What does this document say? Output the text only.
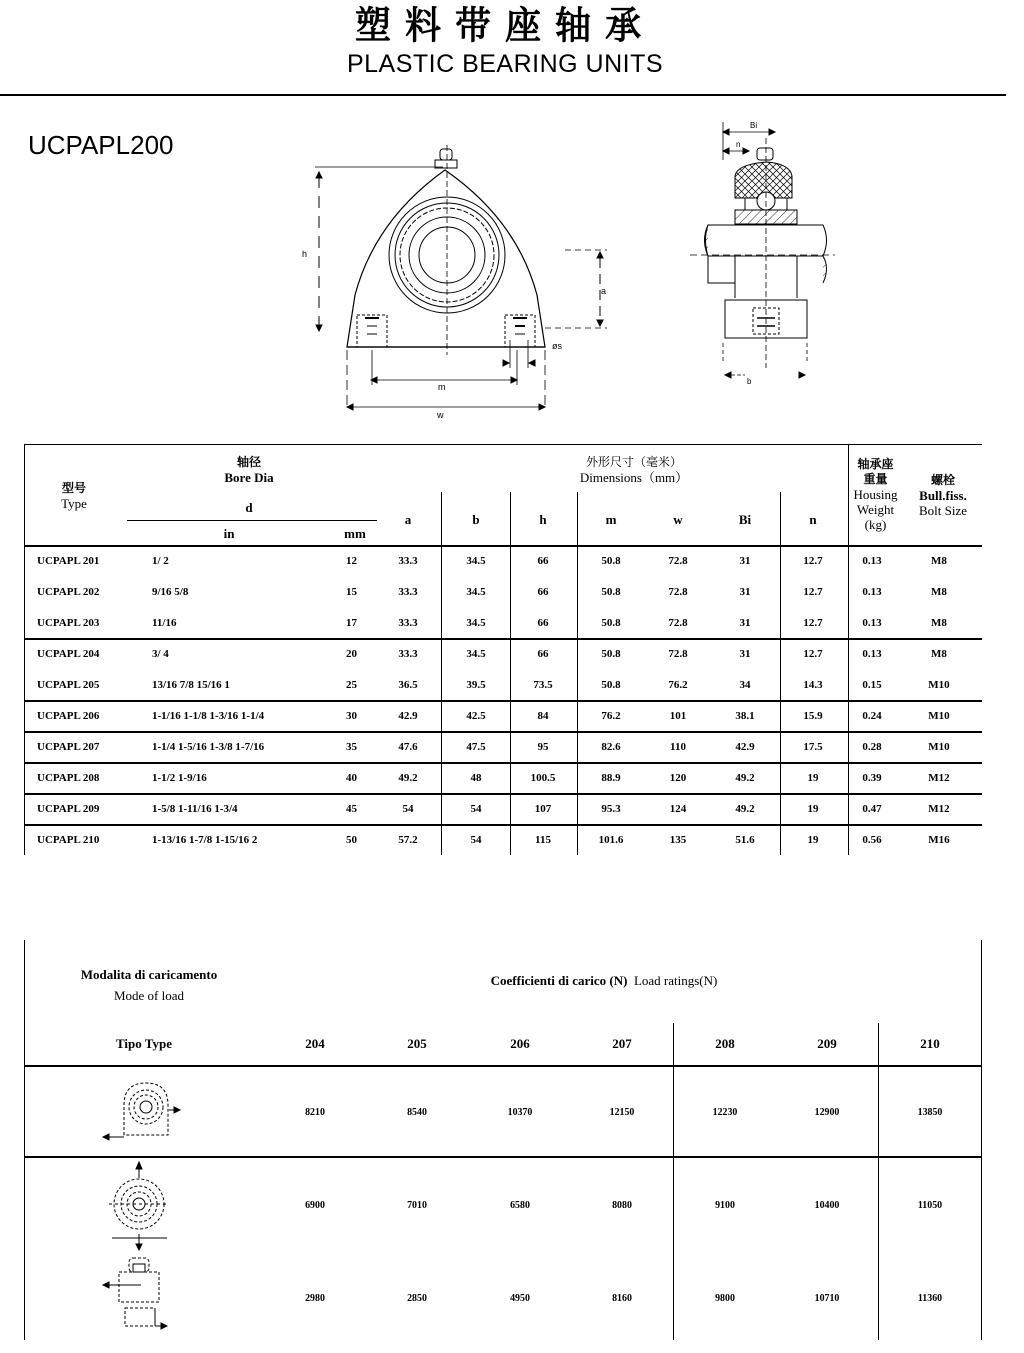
塑料带座轴承
PLASTIC BEARING UNITS
UCPAPL200
h
a
øs
m
w
Bi
n
b
型号
Type
轴径
Bore Dia
d
in	mm
外形尺寸（毫米）
Dimensions（mm）
轴承座
重量
Housing
Weight
(kg)
螺栓
Bull.fiss.
Bolt Size
a	b	h	m	w	Bi	n
UCPAPL 201	1/ 2	12	33.3	34.5	66	50.8	72.8	31	12.7	0.13	M8
UCPAPL 202	9/16 5/8	15	33.3	34.5	66	50.8	72.8	31	12.7	0.13	M8
UCPAPL 203	11/16	17	33.3	34.5	66	50.8	72.8	31	12.7	0.13	M8
UCPAPL 204	3/ 4	20	33.3	34.5	66	50.8	72.8	31	12.7	0.13	M8
UCPAPL 205	13/16 7/8 15/16 1	25	36.5	39.5	73.5	50.8	76.2	34	14.3	0.15	M10
UCPAPL 206	1-1/16 1-1/8 1-3/16 1-1/4	30	42.9	42.5	84	76.2	101	38.1	15.9	0.24	M10
UCPAPL 207	1-1/4 1-5/16 1-3/8 1-7/16	35	47.6	47.5	95	82.6	110	42.9	17.5	0.28	M10
UCPAPL 208	1-1/2 1-9/16	40	49.2	48	100.5	88.9	120	49.2	19	0.39	M12
UCPAPL 209	1-5/8 1-11/16 1-3/4	45	54	54	107	95.3	124	49.2	19	0.47	M12
UCPAPL 210	1-13/16 1-7/8 1-15/16 2	50	57.2	54	115	101.6	135	51.6	19	0.56	M16
Modalita di caricamento
Mode of load
Coefficienti di carico (N) Load ratings(N)
Tipo Type	204	205	206	207	208	209	210
8210	8540	10370	12150	12230	12900	13850
6900	7010	6580	8080	9100	10400	11050
2980	2850	4950	8160	9800	10710	11360
